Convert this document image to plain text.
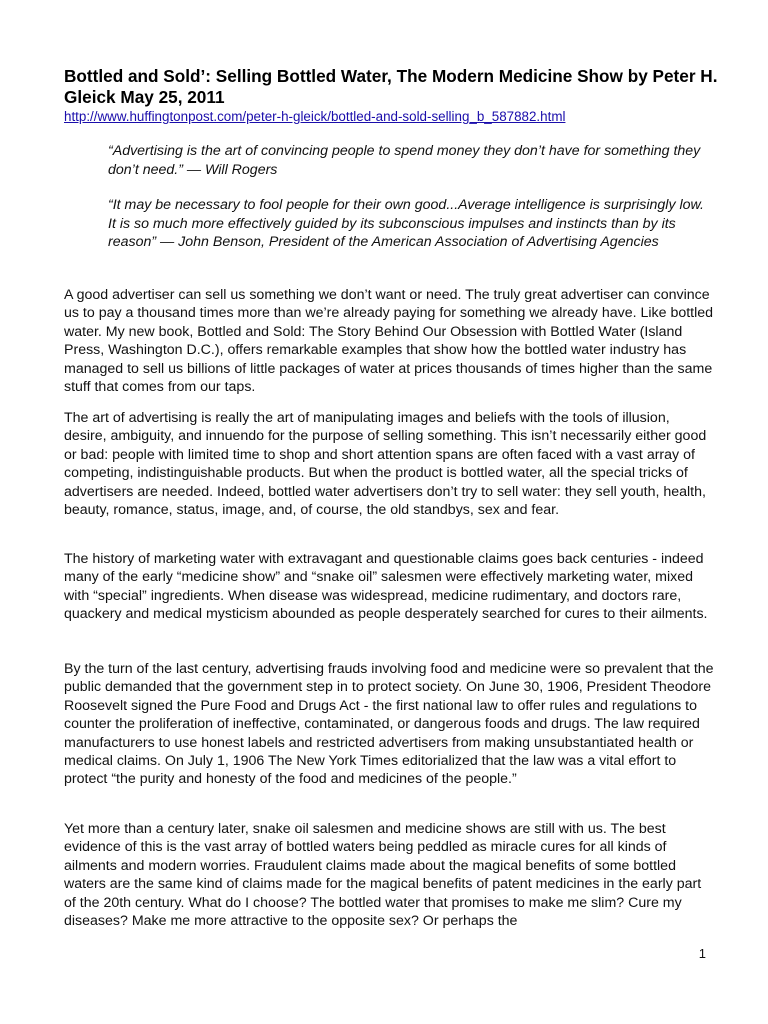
Bottled and Sold’: Selling Bottled Water, The Modern Medicine Show by Peter H. Gleick May 25, 2011
http://www.huffingtonpost.com/peter-h-gleick/bottled-and-sold-selling_b_587882.html

“Advertising is the art of convincing people to spend money they don’t have for something they don’t need.” — Will Rogers

“It may be necessary to fool people for their own good...Average intelligence is surprisingly low. It is so much more effectively guided by its subconscious impulses and instincts than by its reason” — John Benson, President of the American Association of Advertising Agencies

A good advertiser can sell us something we don’t want or need. The truly great advertiser can convince us to pay a thousand times more than we’re already paying for something we already have. Like bottled water. My new book, Bottled and Sold: The Story Behind Our Obsession with Bottled Water (Island Press, Washington D.C.), offers remarkable examples that show how the bottled water industry has managed to sell us billions of little packages of water at prices thousands of times higher than the same stuff that comes from our taps.

The art of advertising is really the art of manipulating images and beliefs with the tools of illusion, desire, ambiguity, and innuendo for the purpose of selling something. This isn’t necessarily either good or bad: people with limited time to shop and short attention spans are often faced with a vast array of competing, indistinguishable products. But when the product is bottled water, all the special tricks of advertisers are needed. Indeed, bottled water advertisers don’t try to sell water: they sell youth, health, beauty, romance, status, image, and, of course, the old standbys, sex and fear.

The history of marketing water with extravagant and questionable claims goes back centuries - indeed many of the early “medicine show” and “snake oil” salesmen were effectively marketing water, mixed with “special” ingredients. When disease was widespread, medicine rudimentary, and doctors rare, quackery and medical mysticism abounded as people desperately searched for cures to their ailments.

By the turn of the last century, advertising frauds involving food and medicine were so prevalent that the public demanded that the government step in to protect society. On June 30, 1906, President Theodore Roosevelt signed the Pure Food and Drugs Act - the first national law to offer rules and regulations to counter the proliferation of ineffective, contaminated, or dangerous foods and drugs. The law required manufacturers to use honest labels and restricted advertisers from making unsubstantiated health or medical claims. On July 1, 1906 The New York Times editorialized that the law was a vital effort to protect “the purity and honesty of the food and medicines of the people.”

Yet more than a century later, snake oil salesmen and medicine shows are still with us. The best evidence of this is the vast array of bottled waters being peddled as miracle cures for all kinds of ailments and modern worries. Fraudulent claims made about the magical benefits of some bottled waters are the same kind of claims made for the magical benefits of patent medicines in the early part of the 20th century. What do I choose? The bottled water that promises to make me slim? Cure my diseases? Make me more attractive to the opposite sex? Or perhaps the

1
